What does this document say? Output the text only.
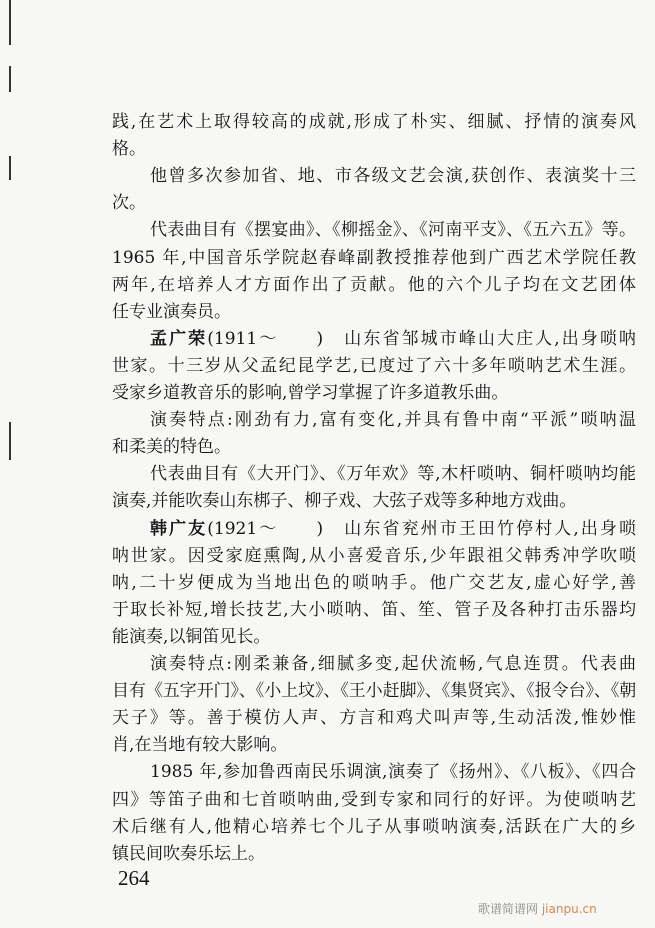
践,在艺术上取得较高的成就,形成了朴实、细腻、抒情的演奏风
格。
他曾多次参加省、地、市各级文艺会演,获创作、表演奖十三
次。
代表曲目有《摆宴曲》、《柳摇金》、《河南平支》、《五六五》等。
1965 年,中国音乐学院赵春峰副教授推荐他到广西艺术学院任教
两年,在培养人才方面作出了贡献。他的六个儿子均在文艺团体
任专业演奏员。
孟广荣(1911～　　)　山东省邹城市峰山大庄人,出身唢呐
世家。十三岁从父孟纪昆学艺,已度过了六十多年唢呐艺术生涯。
受家乡道教音乐的影响,曾学习掌握了许多道教乐曲。
演奏特点:刚劲有力,富有变化,并具有鲁中南“平派”唢呐温
和柔美的特色。
代表曲目有《大开门》、《万年欢》等,木杆唢呐、铜杆唢呐均能
演奏,并能吹奏山东梆子、柳子戏、大弦子戏等多种地方戏曲。
韩广友(1921～　　)　山东省兖州市王田竹停村人,出身唢
呐世家。因受家庭熏陶,从小喜爱音乐,少年跟祖父韩秀冲学吹唢
呐,二十岁便成为当地出色的唢呐手。他广交艺友,虚心好学,善
于取长补短,增长技艺,大小唢呐、笛、笙、管子及各种打击乐器均
能演奏,以铜笛见长。
演奏特点:刚柔兼备,细腻多变,起伏流畅,气息连贯。代表曲
目有《五字开门》、《小上坟》、《王小赶脚》、《集贤宾》、《报令台》、《朝
天子》等。善于模仿人声、方言和鸡犬叫声等,生动活泼,惟妙惟
肖,在当地有较大影响。
1985 年,参加鲁西南民乐调演,演奏了《扬州》、《八板》、《四合
四》等笛子曲和七首唢呐曲,受到专家和同行的好评。为使唢呐艺
术后继有人,他精心培养七个儿子从事唢呐演奏,活跃在广大的乡
镇民间吹奏乐坛上。
264
歌谱简谱网 jianpu.cn
